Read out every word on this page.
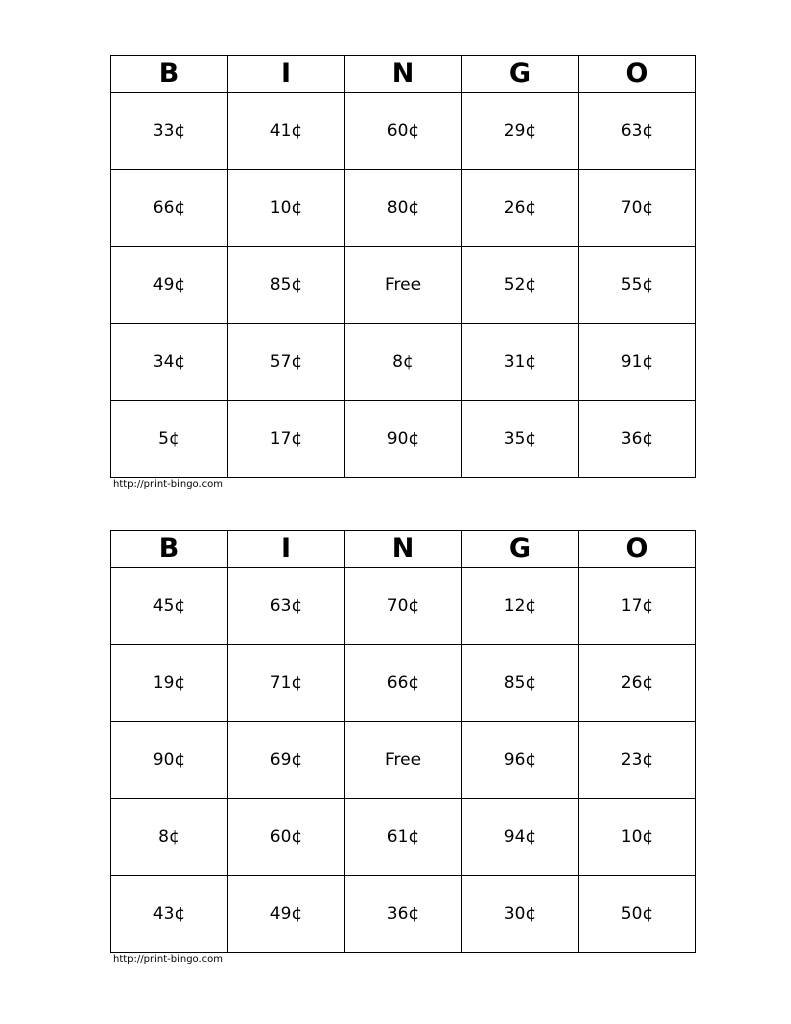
B	I	N	G	O
33¢	41¢	60¢	29¢	63¢
66¢	10¢	80¢	26¢	70¢
49¢	85¢	Free	52¢	55¢
34¢	57¢	8¢	31¢	91¢
5¢	17¢	90¢	35¢	36¢
http://print-bingo.com
B	I	N	G	O
45¢	63¢	70¢	12¢	17¢
19¢	71¢	66¢	85¢	26¢
90¢	69¢	Free	96¢	23¢
8¢	60¢	61¢	94¢	10¢
43¢	49¢	36¢	30¢	50¢
http://print-bingo.com
